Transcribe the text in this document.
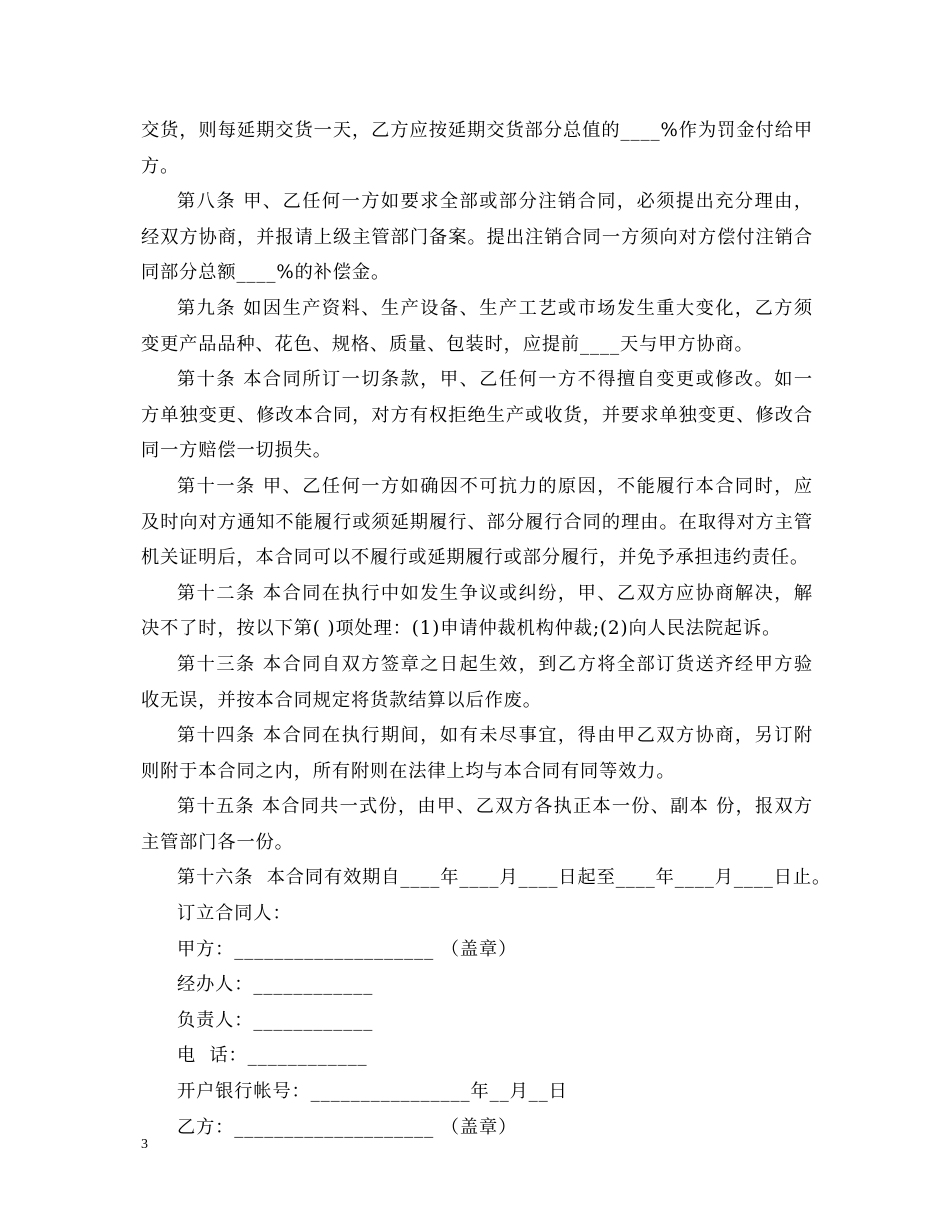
交货，则每延期交货一天，乙方应按延期交货部分总值的____%作为罚金付给甲方。

第八条 甲、乙任何一方如要求全部或部分注销合同，必须提出充分理由，经双方协商，并报请上级主管部门备案。提出注销合同一方须向对方偿付注销合同部分总额____%的补偿金。

第九条 如因生产资料、生产设备、生产工艺或市场发生重大变化，乙方须变更产品品种、花色、规格、质量、包装时，应提前____天与甲方协商。

第十条 本合同所订一切条款，甲、乙任何一方不得擅自变更或修改。如一方单独变更、修改本合同，对方有权拒绝生产或收货，并要求单独变更、修改合同一方赔偿一切损失。

第十一条 甲、乙任何一方如确因不可抗力的原因，不能履行本合同时，应及时向对方通知不能履行或须延期履行、部分履行合同的理由。在取得对方主管机关证明后，本合同可以不履行或延期履行或部分履行，并免予承担违约责任。

第十二条 本合同在执行中如发生争议或纠纷，甲、乙双方应协商解决，解决不了时，按以下第( )项处理：(1)申请仲裁机构仲裁;(2)向人民法院起诉。

第十三条 本合同自双方签章之日起生效，到乙方将全部订货送齐经甲方验收无误，并按本合同规定将货款结算以后作废。

第十四条 本合同在执行期间，如有未尽事宜，得由甲乙双方协商，另订附则附于本合同之内，所有附则在法律上均与本合同有同等效力。

第十五条 本合同共一式份，由甲、乙双方各执正本一份、副本 份，报双方主管部门各一份。

第十六条  本合同有效期自____年____月____日起至____年____月____日止。

订立合同人：

甲方：____________________ （盖章）

经办人：____________

负责人：____________

电  话：____________

开户银行帐号：________________年__月__日

乙方：____________________ （盖章）

3
